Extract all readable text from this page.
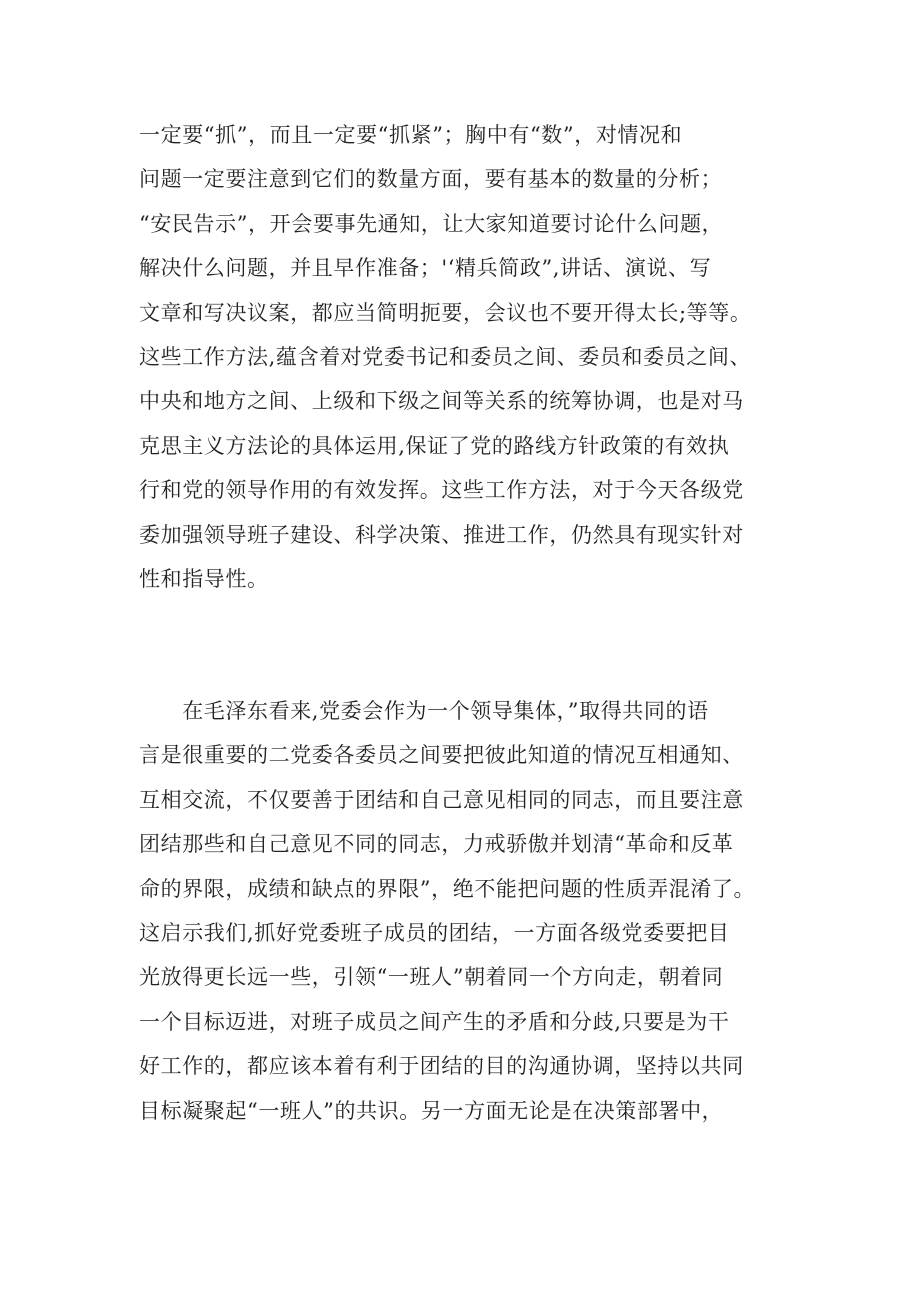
一定要“抓”，而且一定要“抓紧”；胸中有“数”，对情况和
问题一定要注意到它们的数量方面，要有基本的数量的分析；
“安民告示”，开会要事先通知，让大家知道要讨论什么问题，
解决什么问题，并且早作准备；'‘精兵简政”,讲话、演说、写
文章和写决议案，都应当简明扼要，会议也不要开得太长;等等。
这些工作方法,蕴含着对党委书记和委员之间、委员和委员之间、
中央和地方之间、上级和下级之间等关系的统筹协调，也是对马
克思主义方法论的具体运用,保证了党的路线方针政策的有效执
行和党的领导作用的有效发挥。这些工作方法，对于今天各级党
委加强领导班子建设、科学决策、推进工作，仍然具有现实针对
性和指导性。
　　在毛泽东看来,党委会作为一个领导集体，”取得共同的语
言是很重要的二党委各委员之间要把彼此知道的情况互相通知、
互相交流，不仅要善于团结和自己意见相同的同志，而且要注意
团结那些和自己意见不同的同志，力戒骄傲并划清“革命和反革
命的界限，成绩和缺点的界限”，绝不能把问题的性质弄混淆了。
这启示我们,抓好党委班子成员的团结，一方面各级党委要把目
光放得更长远一些，引领“一班人”朝着同一个方向走，朝着同
一个目标迈进，对班子成员之间产生的矛盾和分歧,只要是为干
好工作的，都应该本着有利于团结的目的沟通协调，坚持以共同
目标凝聚起“一班人”的共识。另一方面无论是在决策部署中，
